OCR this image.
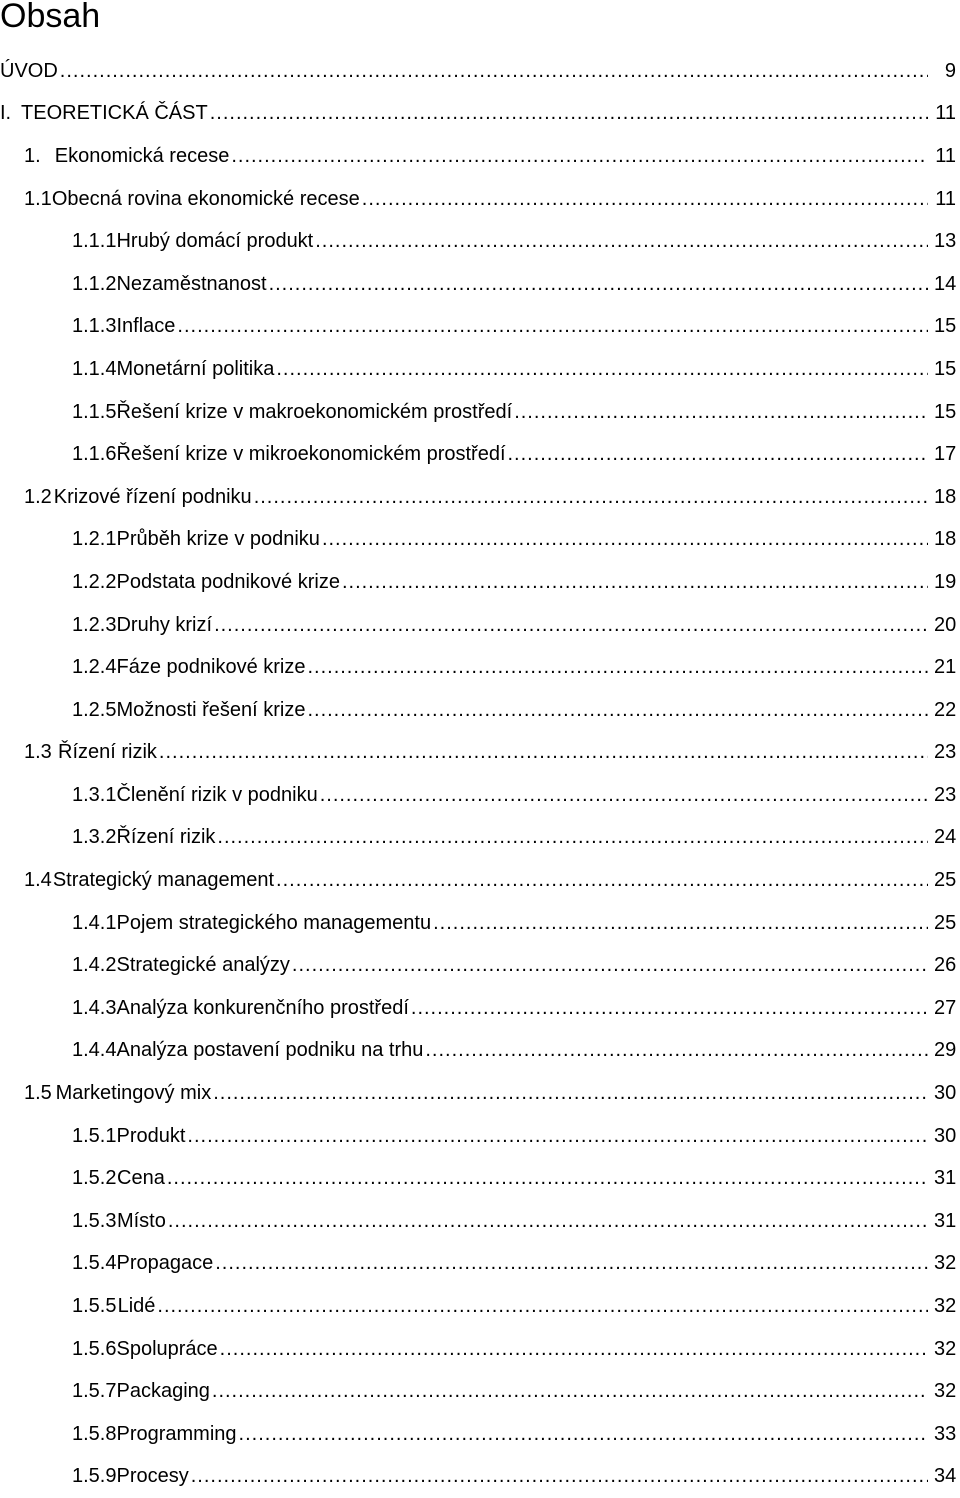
Obsah
ÚVOD .....	9
I. TEORETICKÁ ČÁST .....	11
1. Ekonomická recese .....	11
1.1 Obecná rovina ekonomické recese .....	11
1.1.1 Hrubý domácí produkt .....	13
1.1.2 Nezaměstnanost .....	14
1.1.3 Inflace .....	15
1.1.4 Monetární politika .....	15
1.1.5 Řešení krize v makroekonomickém prostředí .....	15
1.1.6 Řešení krize v mikroekonomickém prostředí .....	17
1.2 Krizové řízení podniku .....	18
1.2.1 Průběh krize v podniku .....	18
1.2.2 Podstata podnikové krize .....	19
1.2.3 Druhy krizí .....	20
1.2.4 Fáze podnikové krize .....	21
1.2.5 Možnosti řešení krize .....	22
1.3 Řízení rizik .....	23
1.3.1 Členění rizik v podniku .....	23
1.3.2 Řízení rizik .....	24
1.4 Strategický management .....	25
1.4.1 Pojem strategického managementu .....	25
1.4.2 Strategické analýzy .....	26
1.4.3 Analýza konkurenčního prostředí .....	27
1.4.4 Analýza postavení podniku na trhu .....	29
1.5 Marketingový mix .....	30
1.5.1 Produkt .....	30
1.5.2 Cena .....	31
1.5.3 Místo .....	31
1.5.4 Propagace .....	32
1.5.5 Lidé .....	32
1.5.6 Spolupráce .....	32
1.5.7 Packaging .....	32
1.5.8 Programming .....	33
1.5.9 Procesy .....	34
